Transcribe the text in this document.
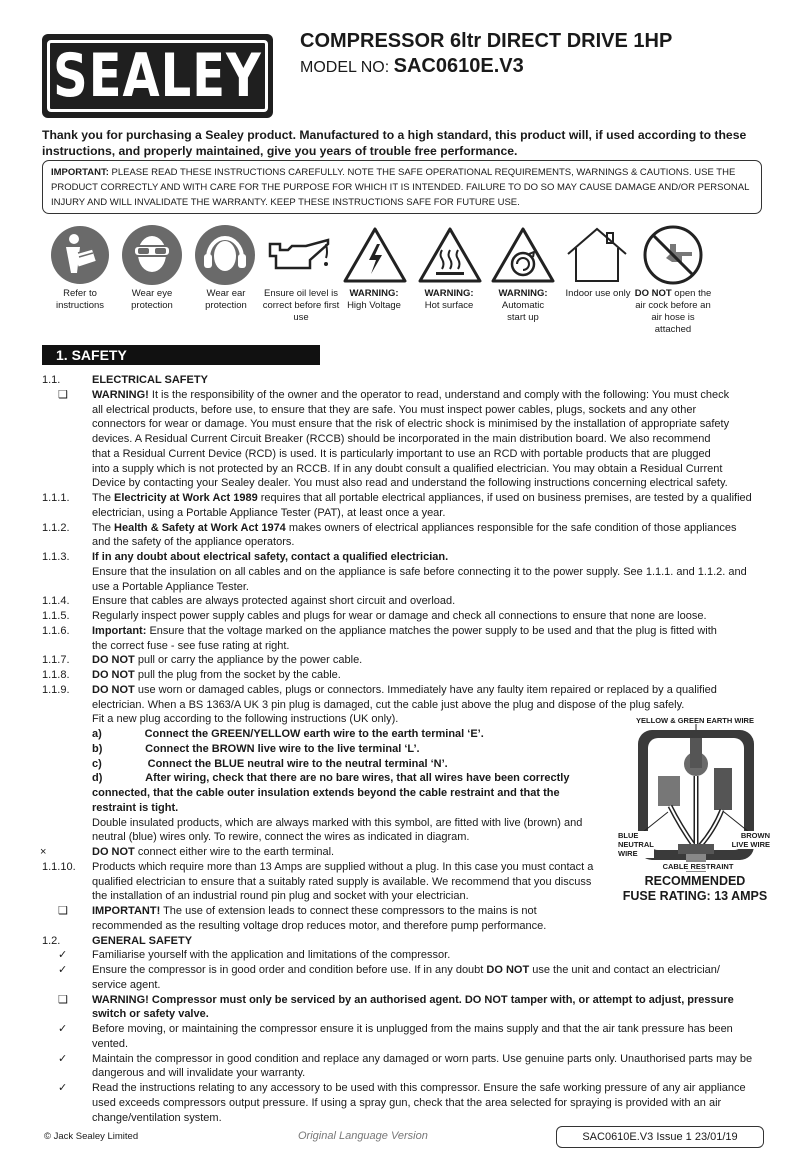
SEALEY COMPRESSOR 6ltr DIRECT DRIVE 1HP
MODEL NO: SAC0610E.V3
Thank you for purchasing a Sealey product. Manufactured to a high standard, this product will, if used according to these instructions, and properly maintained, give you years of trouble free performance.
IMPORTANT: PLEASE READ THESE INSTRUCTIONS CAREFULLY. NOTE THE SAFE OPERATIONAL REQUIREMENTS, WARNINGS & CAUTIONS. USE THE PRODUCT CORRECTLY AND WITH CARE FOR THE PURPOSE FOR WHICH IT IS INTENDED. FAILURE TO DO SO MAY CAUSE DAMAGE AND/OR PERSONAL INJURY AND WILL INVALIDATE THE WARRANTY. KEEP THESE INSTRUCTIONS SAFE FOR FUTURE USE.
Refer to instructions
Wear eye protection
Wear ear protection
Ensure oil level is correct before first use
WARNING:
High Voltage
WARNING:
Hot surface
WARNING:
Automatic start up
Indoor use only DO NOT open the air cock before an air hose is attached
1. SAFETY
1.1.	ELECTRICAL SAFETY
❑	WARNING! It is the responsibility of the owner and the operator to read, understand and comply with the following: You must check
all electrical products, before use, to ensure that they are safe. You must inspect power cables, plugs, sockets and any other
connectors for wear or damage. You must ensure that the risk of electric shock is minimised by the installation of appropriate safety
devices. A Residual Current Circuit Breaker (RCCB) should be incorporated in the main distribution board. We also recommend
that a Residual Current Device (RCD) is used. It is particularly important to use an RCD with portable products that are plugged
into a supply which is not protected by an RCCB. If in any doubt consult a qualified electrician. You may obtain a Residual Current
Device by contacting your Sealey dealer. You must also read and understand the following instructions concerning electrical safety.
1.1.1.	The Electricity at Work Act 1989 requires that all portable electrical appliances, if used on business premises, are tested by a qualified
electrician, using a Portable Appliance Tester (PAT), at least once a year.
1.1.2.	The Health & Safety at Work Act 1974 makes owners of electrical appliances responsible for the safe condition of those appliances
and the safety of the appliance operators.
1.1.3.	If in any doubt about electrical safety, contact a qualified electrician.
Ensure that the insulation on all cables and on the appliance is safe before connecting it to the power supply. See 1.1.1. and 1.1.2. and
use a Portable Appliance Tester.
1.1.4.	Ensure that cables are always protected against short circuit and overload.
1.1.5.	Regularly inspect power supply cables and plugs for wear or damage and check all connections to ensure that none are loose.
1.1.6.	Important: Ensure that the voltage marked on the appliance matches the power supply to be used and that the plug is fitted with
the correct fuse - see fuse rating at right.
1.1.7.	DO NOT pull or carry the appliance by the power cable.
1.1.8.	DO NOT pull the plug from the socket by the cable.
1.1.9.	DO NOT use worn or damaged cables, plugs or connectors. Immediately have any faulty item repaired or replaced by a qualified
electrician. When a BS 1363/A UK 3 pin plug is damaged, cut the cable just above the plug and dispose of the plug safely.
Fit a new plug according to the following instructions (UK only).
a)              Connect the GREEN/YELLOW earth wire to the earth terminal ‘E’.
b)              Connect the BROWN live wire to the live terminal ‘L’.
c)               Connect the BLUE neutral wire to the neutral terminal ‘N’.
d)              After wiring, check that there are no bare wires, that all wires have been correctly
connected, that the cable outer insulation extends beyond the cable restraint and that the
restraint is tight.
Double insulated products, which are always marked with this symbol, are fitted with live (brown) and
neutral (blue) wires only. To rewire, connect the wires as indicated in diagram.
×	DO NOT connect either wire to the earth terminal.
1.1.10.	Products which require more than 13 Amps are supplied without a plug. In this case you must contact a
qualified electrician to ensure that a suitably rated supply is available. We recommend that you discuss
the installation of an industrial round pin plug and socket with your electrician.
❑	IMPORTANT! The use of extension leads to connect these compressors to the mains is not
recommended as the resulting voltage drop reduces motor, and therefore pump performance.
1.2.	GENERAL SAFETY
✓	Familiarise yourself with the application and limitations of the compressor.
✓	Ensure the compressor is in good order and condition before use. If in any doubt DO NOT use the unit and contact an electrician/
service agent.
❑	WARNING! Compressor must only be serviced by an authorised agent. DO NOT tamper with, or attempt to adjust, pressure
switch or safety valve.
✓	Before moving, or maintaining the compressor ensure it is unplugged from the mains supply and that the air tank pressure has been
vented.
✓	Maintain the compressor in good condition and replace any damaged or worn parts. Use genuine parts only. Unauthorised parts may be
dangerous and will invalidate your warranty.
✓	Read the instructions relating to any accessory to be used with this compressor. Ensure the safe working pressure of any air appliance
used exceeds compressors output pressure. If using a spray gun, check that the area selected for spraying is provided with an air
change/ventilation system.
YELLOW & GREEN EARTH WIRE
BLUE NEUTRAL WIRE
BROWN LIVE WIRE
CABLE RESTRAINT
RECOMMENDED
FUSE RATING: 13 AMPS
© Jack Sealey Limited	Original Language Version	SAC0610E.V3 Issue 1 23/01/19
